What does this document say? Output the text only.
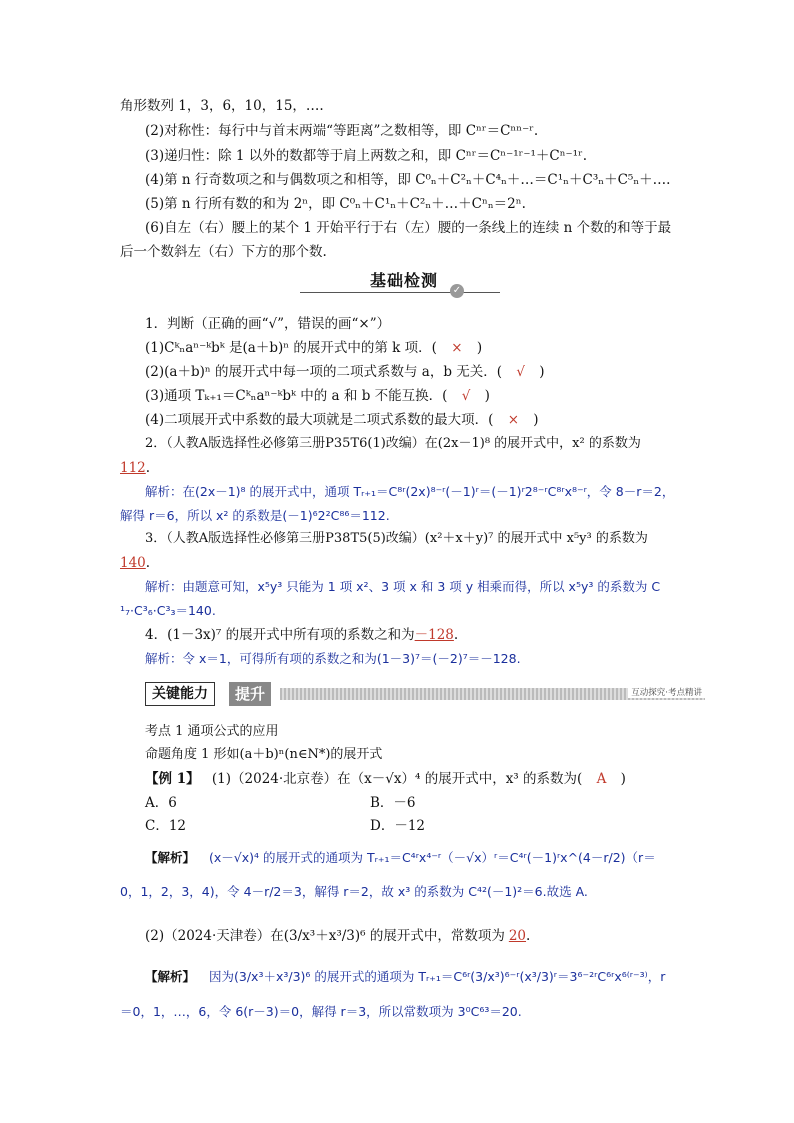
角形数列 1，3，6，10，15，….
(2)对称性：每行中与首末两端“等距离”之数相等，即 Cⁿʳ＝Cⁿⁿ⁻ʳ.
(3)递归性：除 1 以外的数都等于肩上两数之和，即 Cⁿʳ＝Cⁿ⁻¹ʳ⁻¹＋Cⁿ⁻¹ʳ.
(4)第 n 行奇数项之和与偶数项之和相等，即 C⁰ₙ＋C²ₙ＋C⁴ₙ＋…＝C¹ₙ＋C³ₙ＋C⁵ₙ＋….
(5)第 n 行所有数的和为 2ⁿ，即 C⁰ₙ＋C¹ₙ＋C²ₙ＋…＋Cⁿₙ＝2ⁿ.
(6)自左（右）腰上的某个 1 开始平行于右（左）腰的一条线上的连续 n 个数的和等于最
后一个数斜左（右）下方的那个数.
基础检测
✓
1．判断（正确的画“√”，错误的画“×”）
(1)Cᵏₙaⁿ⁻ᵏbᵏ 是(a＋b)ⁿ 的展开式中的第 k 项．( × )
(2)(a＋b)ⁿ 的展开式中每一项的二项式系数与 a，b 无关．( √ )
(3)通项 Tₖ₊₁＝Cᵏₙaⁿ⁻ᵏbᵏ 中的 a 和 b 不能互换．( √ )
(4)二项展开式中系数的最大项就是二项式系数的最大项．( × )
2．（人教A版选择性必修第三册P35T6(1)改编）在(2x－1)⁸ 的展开式中，x² 的系数为
112.
解析：在(2x－1)⁸ 的展开式中，通项 Tᵣ₊₁＝C⁸ʳ(2x)⁸⁻ʳ(－1)ʳ＝(－1)ʳ2⁸⁻ʳC⁸ʳx⁸⁻ʳ，令 8－r＝2，
解得 r＝6，所以 x² 的系数是(－1)⁶2²C⁸⁶＝112.
3．（人教A版选择性必修第三册P38T5(5)改编）(x²＋x＋y)⁷ 的展开式中 x⁵y³ 的系数为
140.
解析：由题意可知，x⁵y³ 只能为 1 项 x²、3 项 x 和 3 项 y 相乘而得，所以 x⁵y³ 的系数为 C
¹₇·C³₆·C³₃＝140.
4．(1－3x)⁷ 的展开式中所有项的系数之和为－128.
解析：令 x＝1，可得所有项的系数之和为(1－3)⁷＝(－2)⁷＝－128.
关键能力	提升	互动探究·考点精讲
考点 1 通项公式的应用
命题角度 1 形如(a＋b)ⁿ(n∈N*)的展开式
【例 1】 (1)（2024·北京卷）在（x－√x）⁴ 的展开式中，x³ 的系数为( A )
A．6	B．－6
C．12	D．－12
【解析】 (x－√x)⁴ 的展开式的通项为 Tᵣ₊₁＝C⁴ʳx⁴⁻ʳ（－√x）ʳ＝C⁴ʳ(－1)ʳx^(4－r/2)（r＝
0，1，2，3，4)，令 4－r/2＝3，解得 r＝2，故 x³ 的系数为 C⁴²(－1)²＝6.故选 A.
(2)（2024·天津卷）在(3/x³＋x³/3)⁶ 的展开式中，常数项为 20.
【解析】 因为(3/x³＋x³/3)⁶ 的展开式的通项为 Tᵣ₊₁＝C⁶ʳ(3/x³)⁶⁻ʳ(x³/3)ʳ＝3⁶⁻²ʳC⁶ʳx⁶⁽ʳ⁻³⁾，r
＝0，1，…，6，令 6(r－3)＝0，解得 r＝3，所以常数项为 3⁰C⁶³＝20.
